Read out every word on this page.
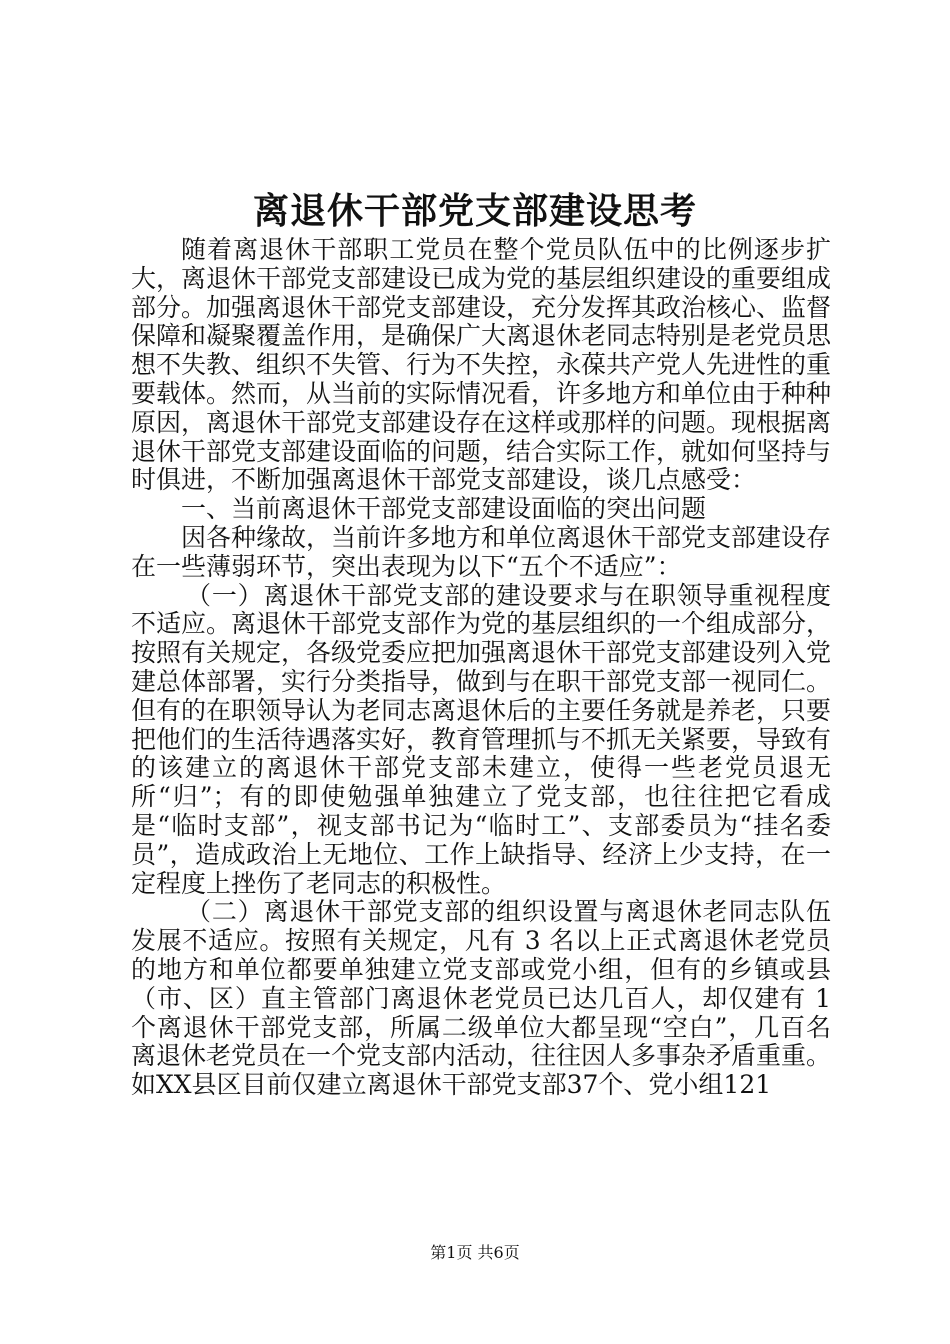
离退休干部党支部建设思考

随着离退休干部职工党员在整个党员队伍中的比例逐步扩大，离退休干部党支部建设已成为党的基层组织建设的重要组成部分。加强离退休干部党支部建设，充分发挥其政治核心、监督保障和凝聚覆盖作用，是确保广大离退休老同志特别是老党员思想不失教、组织不失管、行为不失控，永葆共产党人先进性的重要载体。然而，从当前的实际情况看，许多地方和单位由于种种原因，离退休干部党支部建设存在这样或那样的问题。现根据离退休干部党支部建设面临的问题，结合实际工作，就如何坚持与时俱进，不断加强离退休干部党支部建设，谈几点感受：

一、当前离退休干部党支部建设面临的突出问题

因各种缘故，当前许多地方和单位离退休干部党支部建设存在一些薄弱环节，突出表现为以下“五个不适应”：

（一）离退休干部党支部的建设要求与在职领导重视程度不适应。离退休干部党支部作为党的基层组织的一个组成部分，按照有关规定，各级党委应把加强离退休干部党支部建设列入党建总体部署，实行分类指导，做到与在职干部党支部一视同仁。但有的在职领导认为老同志离退休后的主要任务就是养老，只要把他们的生活待遇落实好，教育管理抓与不抓无关紧要，导致有的该建立的离退休干部党支部未建立，使得一些老党员退无所“归”；有的即使勉强单独建立了党支部，也往往把它看成是“临时支部”，视支部书记为“临时工”、支部委员为“挂名委员”，造成政治上无地位、工作上缺指导、经济上少支持，在一定程度上挫伤了老同志的积极性。

（二）离退休干部党支部的组织设置与离退休老同志队伍发展不适应。按照有关规定，凡有 3 名以上正式离退休老党员的地方和单位都要单独建立党支部或党小组，但有的乡镇或县（市、区）直主管部门离退休老党员已达几百人，却仅建有 1 个离退休干部党支部，所属二级单位大都呈现“空白”，几百名离退休老党员在一个党支部内活动，往往因人多事杂矛盾重重。如XX县区目前仅建立离退休干部党支部37个、党小组121

第1页 共6页
